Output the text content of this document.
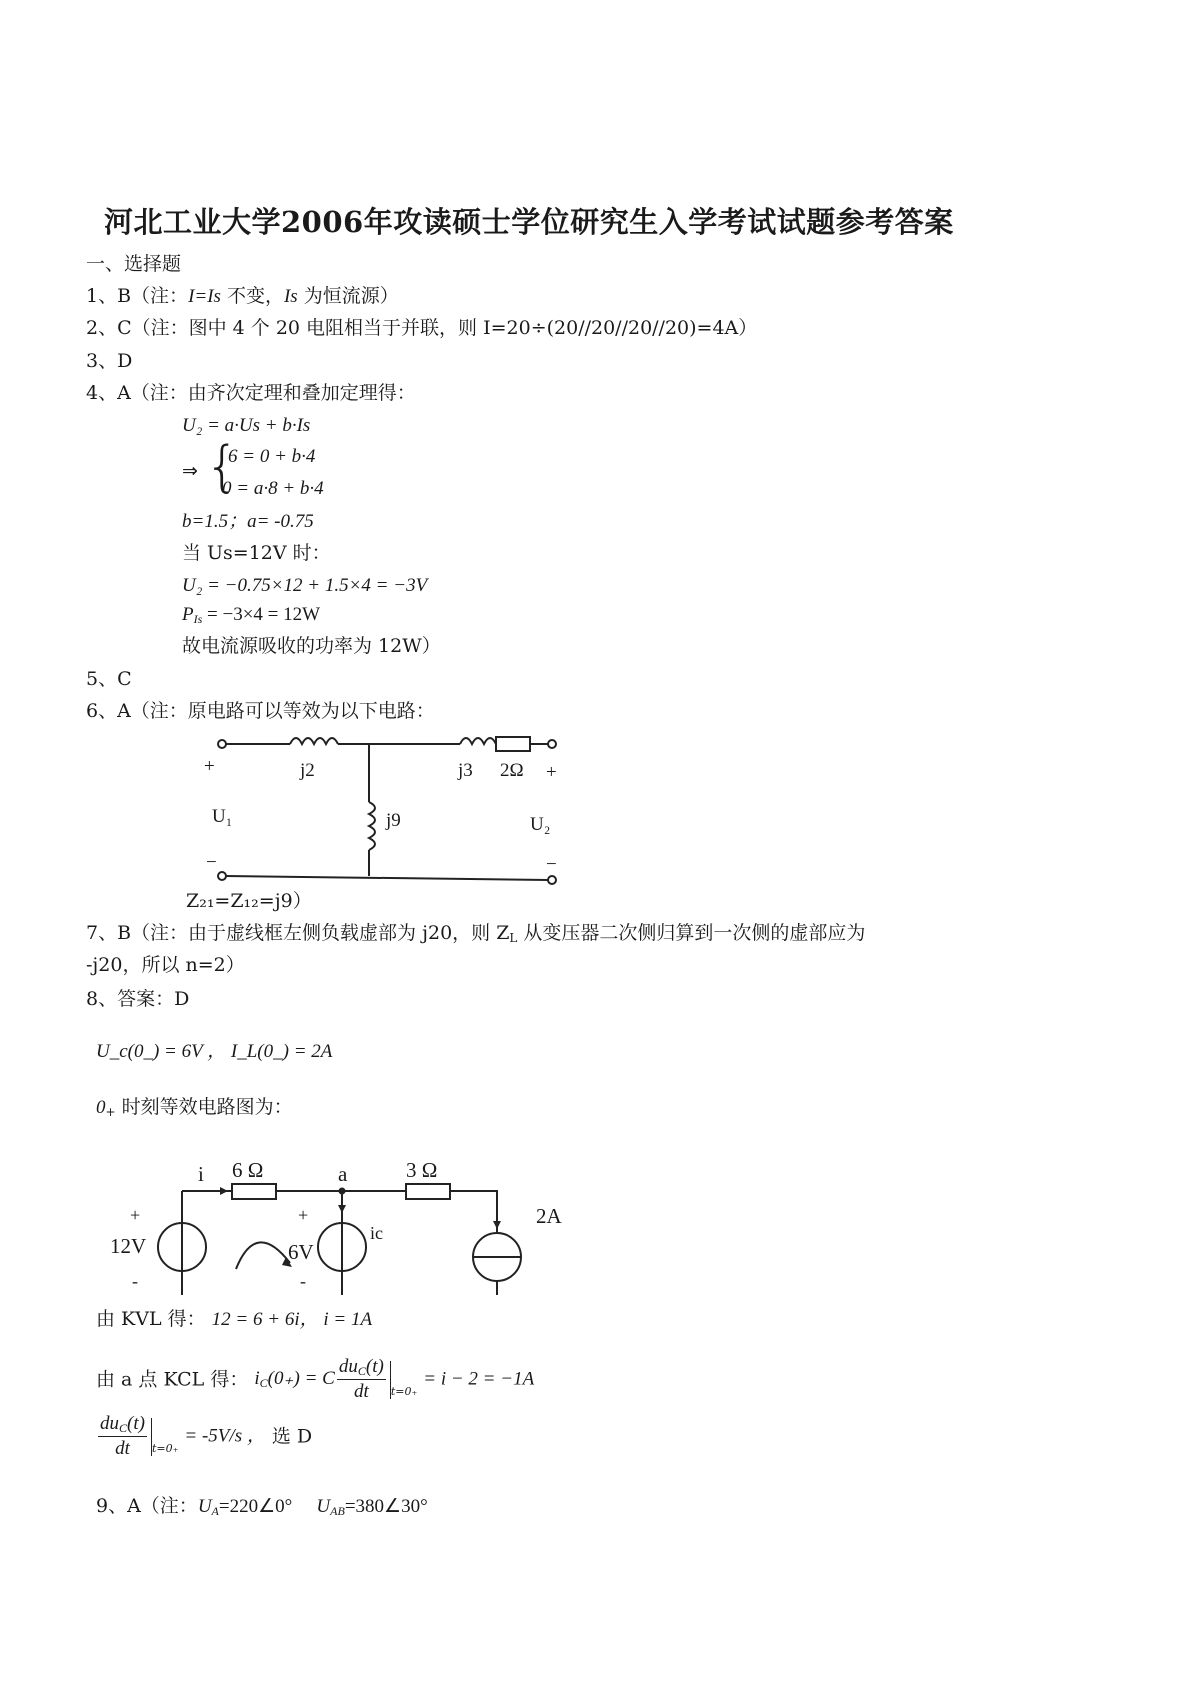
河北工业大学2006年攻读硕士学位研究生入学考试试题参考答案
一、选择题
1、B（注：I=Is 不变，Is 为恒流源）
2、C（注：图中 4 个 20 电阻相当于并联，则 I=20÷(20//20//20//20)=4A）
3、D
4、A（注：由齐次定理和叠加定理得：
U₂ = a·Us + b·Is
⇒ {
6 = 0 + b·4
0 = a·8 + b·4
b=1.5；a= -0.75
当 Us=12V 时：
U₂ = −0.75×12 + 1.5×4 = −3V
$P_{Is} = -3\times 4 = 12W$
故电流源吸收的功率为 12W）
5、C
6、A（注：原电路可以等效为以下电路：
+	j2	j3 2Ω +
U₁	j9	U₂
−	−
Z₂₁=Z₁₂=j9）
7、B（注：由于虚线框左侧负载虚部为 j20，则 $Z_L$ 从变压器二次侧归算到一次侧的虚部应为
-j20，所以 n=2）
8、答案：D
U_c(0_) = 6V ， I_L(0_) = 2A
$0_+$ 时刻等效电路图为：
i 6 Ω	a	3 Ω
2A
+
12V
-
+
6V
-
ic
由 KVL 得： 12 = 6 + 6i， i = 1A
由 a 点 KCL 得： $i_C(0_+) = C \frac{du_C(t)}{dt} _{t=0_+}= i - 2 = -1A$
$\frac{du_C(t)}{dt} _{t=0_+}= -5V/s$ ， 选 D
9、A（注：$U_A=220\angle 0^\circ$ $U_{AB}=380\angle 30^\circ$
